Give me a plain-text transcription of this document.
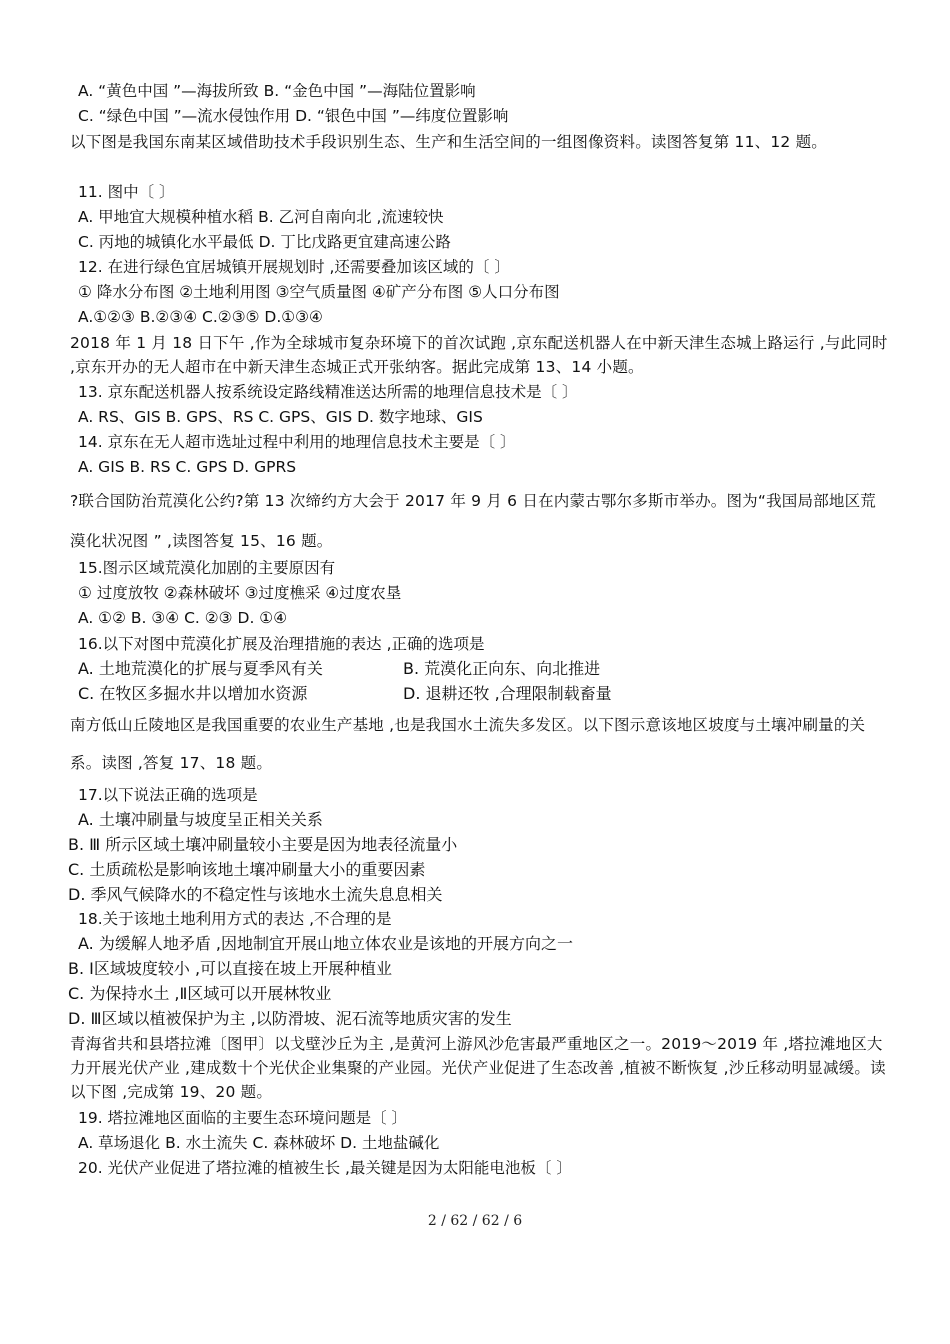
A. “黄色中国 ”—海拔所致 B. “金色中国 ”—海陆位置影响
C. “绿色中国 ”—流水侵蚀作用 D. “银色中国 ”—纬度位置影响
以下图是我国东南某区域借助技术手段识别生态、生产和生活空间的一组图像资料。读图答复第 11、12 题。
11. 图中〔 〕
A. 甲地宜大规模种植水稻 B. 乙河自南向北 ,流速较快
C. 丙地的城镇化水平最低 D. 丁比戊路更宜建高速公路
12. 在进行绿色宜居城镇开展规划时 ,还需要叠加该区域的〔 〕
① 降水分布图 ②土地利用图 ③空气质量图 ④矿产分布图 ⑤人口分布图
A.①②③ B.②③④ C.②③⑤ D.①③④
2018 年 1 月 18 日下午 ,作为全球城市复杂环境下的首次试跑 ,京东配送机器人在中新天津生态城上路运行 ,与此同时 ,京东开办的无人超市在中新天津生态城正式开张纳客。据此完成第 13、14 小题。
13. 京东配送机器人按系统设定路线精准送达所需的地理信息技术是〔 〕
A. RS、GIS B. GPS、RS C. GPS、GIS D. 数字地球、GIS
14. 京东在无人超市选址过程中利用的地理信息技术主要是〔 〕
A. GIS B. RS C. GPS D. GPRS
?联合国防治荒漠化公约?第 13 次缔约方大会于 2017 年 9 月 6 日在内蒙古鄂尔多斯市举办。图为“我国局部地区荒漠化状况图 ” ,读图答复 15、16 题。
15.图示区域荒漠化加剧的主要原因有
① 过度放牧 ②森林破坏 ③过度樵采 ④过度农垦
A. ①② B. ③④ C. ②③ D. ①④
16.以下对图中荒漠化扩展及治理措施的表达 ,正确的选项是
A. 土地荒漠化的扩展与夏季风有关	B. 荒漠化正向东、向北推进
C. 在牧区多掘水井以增加水资源	D. 退耕还牧 ,合理限制载畜量
南方低山丘陵地区是我国重要的农业生产基地 ,也是我国水土流失多发区。以下图示意该地区坡度与土壤冲刷量的关系。读图 ,答复 17、18 题。
17.以下说法正确的选项是
A. 土壤冲刷量与坡度呈正相关关系
B. Ⅲ 所示区域土壤冲刷量较小主要是因为地表径流量小
C. 土质疏松是影响该地土壤冲刷量大小的重要因素
D. 季风气候降水的不稳定性与该地水土流失息息相关
18.关于该地土地利用方式的表达 ,不合理的是
A. 为缓解人地矛盾 ,因地制宜开展山地立体农业是该地的开展方向之一
B. Ⅰ区域坡度较小 ,可以直接在坡上开展种植业
C. 为保持水土 ,Ⅱ区域可以开展林牧业
D. Ⅲ区域以植被保护为主 ,以防滑坡、泥石流等地质灾害的发生
青海省共和县塔拉滩〔图甲〕以戈壁沙丘为主 ,是黄河上游风沙危害最严重地区之一。2019～2019 年 ,塔拉滩地区大力开展光伏产业 ,建成数十个光伏企业集聚的产业园。光伏产业促进了生态改善 ,植被不断恢复 ,沙丘移动明显减缓。读以下图 ,完成第 19、20 题。
19. 塔拉滩地区面临的主要生态环境问题是〔 〕
A. 草场退化 B. 水土流失 C. 森林破坏 D. 土地盐碱化
20. 光伏产业促进了塔拉滩的植被生长 ,最关键是因为太阳能电池板〔 〕
2 / 62 / 62 / 6
